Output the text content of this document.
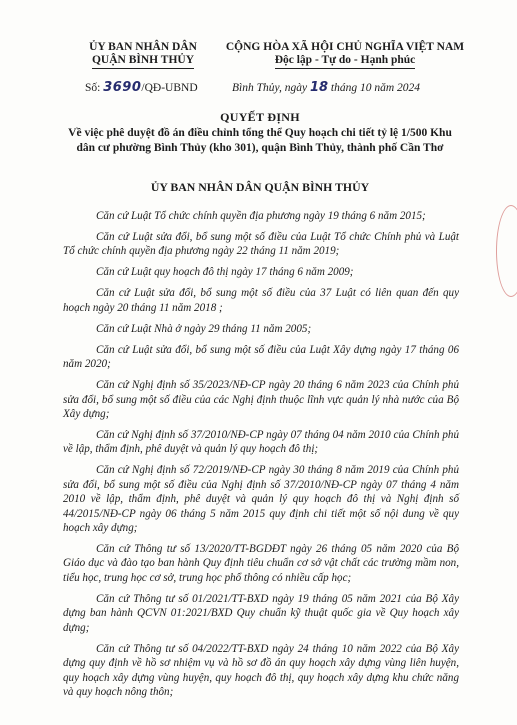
ỦY BAN NHÂN DÂN
QUẬN BÌNH THỦY
CỘNG HÒA XÃ HỘI CHỦ NGHĨA VIỆT NAM
Độc lập - Tự do - Hạnh phúc
Số: 3690/QĐ-UBND	Bình Thủy, ngày 18 tháng 10 năm 2024
QUYẾT ĐỊNH
Về việc phê duyệt đồ án điều chỉnh tổng thể Quy hoạch chi tiết tỷ lệ 1/500 Khu dân cư phường Bình Thủy (kho 301), quận Bình Thủy, thành phố Cần Thơ
ỦY BAN NHÂN DÂN QUẬN BÌNH THỦY

Căn cứ Luật Tổ chức chính quyền địa phương ngày 19 tháng 6 năm 2015;

Căn cứ Luật sửa đổi, bổ sung một số điều của Luật Tổ chức Chính phủ và Luật Tổ chức chính quyền địa phương ngày 22 tháng 11 năm 2019;

Căn cứ Luật quy hoạch đô thị ngày 17 tháng 6 năm 2009;

Căn cứ Luật sửa đổi, bổ sung một số điều của 37 Luật có liên quan đến quy hoạch ngày 20 tháng 11 năm 2018 ;

Căn cứ Luật Nhà ở ngày 29 tháng 11 năm 2005;

Căn cứ Luật sửa đổi, bổ sung một số điều của Luật Xây dựng ngày 17 tháng 06 năm 2020;

Căn cứ Nghị định số 35/2023/NĐ-CP ngày 20 tháng 6 năm 2023 của Chính phủ sửa đổi, bổ sung một số điều của các Nghị định thuộc lĩnh vực quản lý nhà nước của Bộ Xây dựng;

Căn cứ Nghị định số 37/2010/NĐ-CP ngày 07 tháng 04 năm 2010 của Chính phủ về lập, thẩm định, phê duyệt và quản lý quy hoạch đô thị;

Căn cứ Nghị định số 72/2019/NĐ-CP ngày 30 tháng 8 năm 2019 của Chính phủ sửa đổi, bổ sung một số điều của Nghị định số 37/2010/NĐ-CP ngày 07 tháng 4 năm 2010 về lập, thẩm định, phê duyệt và quản lý quy hoạch đô thị và Nghị định số 44/2015/NĐ-CP ngày 06 tháng 5 năm 2015 quy định chi tiết một số nội dung về quy hoạch xây dựng;

Căn cứ Thông tư số 13/2020/TT-BGDĐT ngày 26 tháng 05 năm 2020 của Bộ Giáo dục và đào tạo ban hành Quy định tiêu chuẩn cơ sở vật chất các trường mầm non, tiểu học, trung học cơ sở, trung học phổ thông có nhiều cấp học;

Căn cứ Thông tư số 01/2021/TT-BXD ngày 19 tháng 05 năm 2021 của Bộ Xây dựng ban hành QCVN 01:2021/BXD Quy chuẩn kỹ thuật quốc gia về Quy hoạch xây dựng;

Căn cứ Thông tư số 04/2022/TT-BXD ngày 24 tháng 10 năm 2022 của Bộ Xây dựng quy định về hồ sơ nhiệm vụ và hồ sơ đồ án quy hoạch xây dựng vùng liên huyện, quy hoạch xây dựng vùng huyện, quy hoạch đô thị, quy hoạch xây dựng khu chức năng và quy hoạch nông thôn;
